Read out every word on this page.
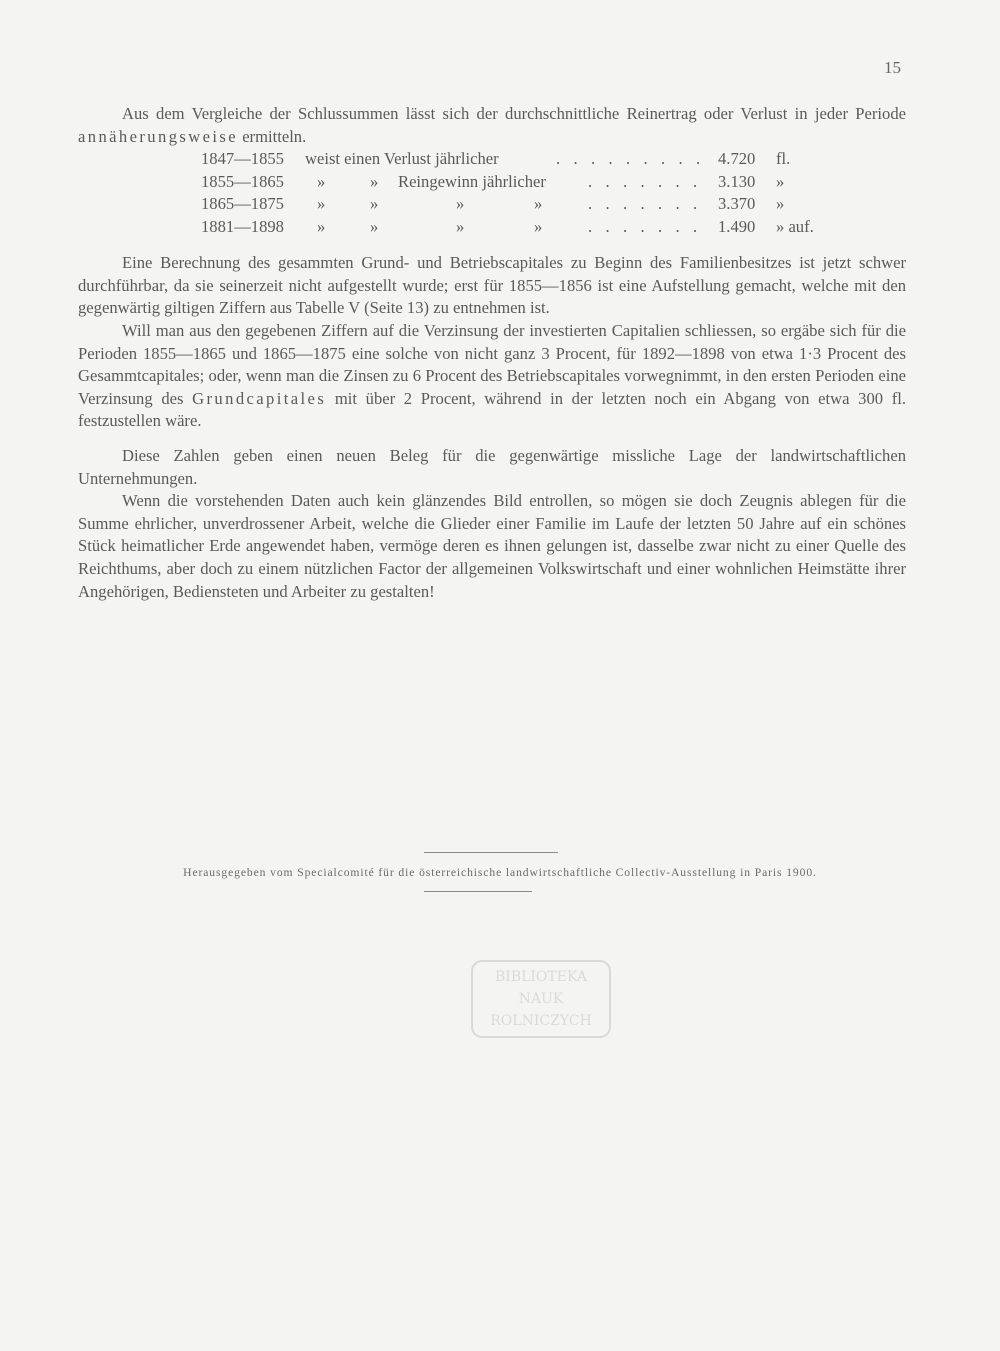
15

Aus dem Vergleiche der Schlussummen lässt sich der durchschnittliche Reinertrag oder Verlust in jeder Periode annäherungsweise ermitteln.

1847—1855 weist einen Verlust jährlicher	. . . . . . . . . 4.720 fl.
1855—1865 »	» Reingewinn jährlicher	. . . . . . . 3.130 »
1865—1875 »	»	»	»	. . . . . . . 3.370 »
1881—1898 »	»	»	»	. . . . . . . 1.490 » auf.

Eine Berechnung des gesammten Grund- und Betriebscapitales zu Beginn des Familienbesitzes ist jetzt schwer durchführbar, da sie seinerzeit nicht aufgestellt wurde; erst für 1855—1856 ist eine Aufstellung gemacht, welche mit den gegenwärtig giltigen Ziffern aus Tabelle V (Seite 13) zu entnehmen ist.

Will man aus den gegebenen Ziffern auf die Verzinsung der investierten Capitalien schliessen, so ergäbe sich für die Perioden 1855—1865 und 1865—1875 eine solche von nicht ganz 3 Procent, für 1892—1898 von etwa 1·3 Procent des Gesammtcapitales; oder, wenn man die Zinsen zu 6 Procent des Betriebscapitales vorwegnimmt, in den ersten Perioden eine Verzinsung des Grundcapitales mit über 2 Procent, während in der letzten noch ein Abgang von etwa 300 fl. festzustellen wäre.

Diese Zahlen geben einen neuen Beleg für die gegenwärtige missliche Lage der landwirtschaftlichen Unternehmungen.

Wenn die vorstehenden Daten auch kein glänzendes Bild entrollen, so mögen sie doch Zeugnis ablegen für die Summe ehrlicher, unverdrossener Arbeit, welche die Glieder einer Familie im Laufe der letzten 50 Jahre auf ein schönes Stück heimatlicher Erde angewendet haben, vermöge deren es ihnen gelungen ist, dasselbe zwar nicht zu einer Quelle des Reichthums, aber doch zu einem nützlichen Factor der allgemeinen Volkswirtschaft und einer wohnlichen Heimstätte ihrer Angehörigen, Bediensteten und Arbeiter zu gestalten!

Herausgegeben vom Specialcomité für die österreichische landwirtschaftliche Collectiv-Ausstellung in Paris 1900.
BIBLIOTEKA
NAUK
ROLNICZYCH
